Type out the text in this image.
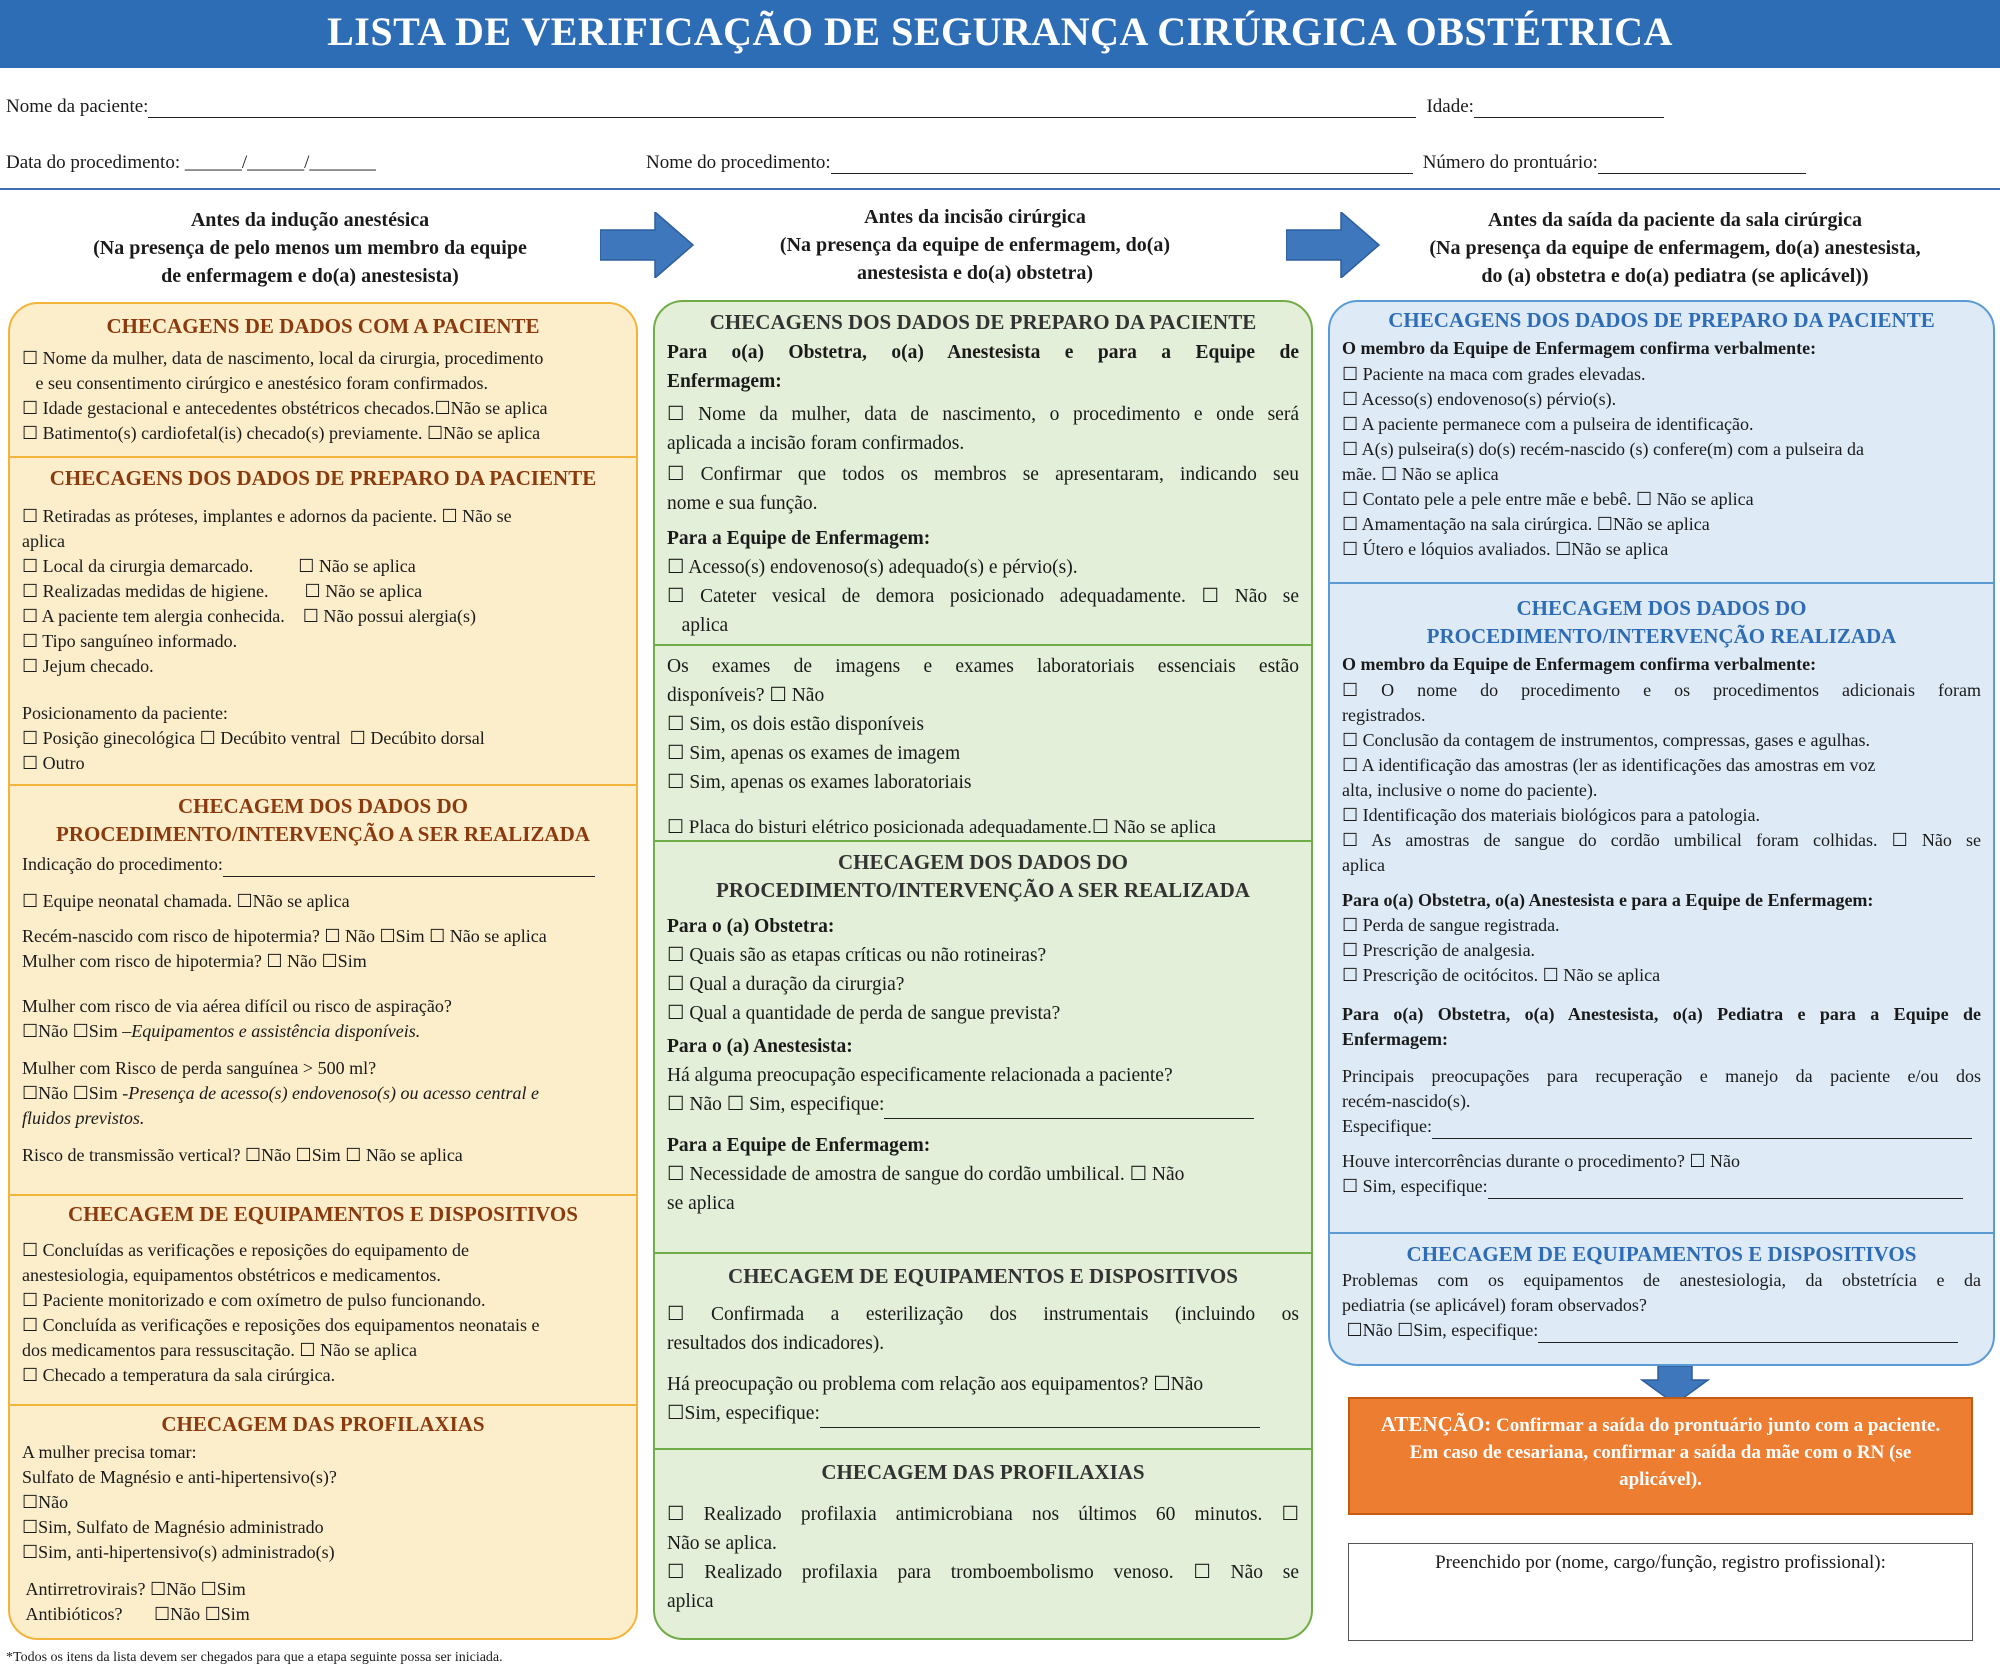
LISTA DE VERIFICAÇÃO DE SEGURANÇA CIRÚRGICA OBSTÉTRICA
Nome da paciente:	Idade:
Data do procedimento: ______/______/_______	Nome do procedimento:	Número do prontuário:
Antes da indução anestésica
(Na presença de pelo menos um membro da equipe
de enfermagem e do(a) anestesista)
Antes da incisão cirúrgica
(Na presença da equipe de enfermagem, do(a)
anestesista e do(a) obstetra)
Antes da saída da paciente da sala cirúrgica
(Na presença da equipe de enfermagem, do(a) anestesista,
do (a) obstetra e do(a) pediatra (se aplicável))
CHECAGENS DE DADOS COM A PACIENTE
☐ Nome da mulher, data de nascimento, local da cirurgia, procedimento
e seu consentimento cirúrgico e anestésico foram confirmados.
☐ Idade gestacional e antecedentes obstétricos checados.☐Não se aplica
☐ Batimento(s) cardiofetal(is) checado(s) previamente. ☐Não se aplica
CHECAGENS DOS DADOS DE PREPARO DA PACIENTE
☐ Retiradas as próteses, implantes e adornos da paciente. ☐ Não se
aplica
☐ Local da cirurgia demarcado.          ☐ Não se aplica
☐ Realizadas medidas de higiene.        ☐ Não se aplica
☐ A paciente tem alergia conhecida.    ☐ Não possui alergia(s)
☐ Tipo sanguíneo informado.
☐ Jejum checado.
Posicionamento da paciente:
☐ Posição ginecológica ☐ Decúbito ventral  ☐ Decúbito dorsal
☐ Outro
CHECAGEM DOS DADOS DO
PROCEDIMENTO/INTERVENÇÃO A SER REALIZADA
Indicação do procedimento:
☐ Equipe neonatal chamada. ☐Não se aplica
Recém-nascido com risco de hipotermia? ☐ Não ☐Sim ☐ Não se aplica
Mulher com risco de hipotermia? ☐ Não ☐Sim
Mulher com risco de via aérea difícil ou risco de aspiração?
☐Não ☐Sim –Equipamentos e assistência disponíveis.
Mulher com Risco de perda sanguínea > 500 ml?
☐Não ☐Sim -Presença de acesso(s) endovenoso(s) ou acesso central e
fluidos previstos.
Risco de transmissão vertical? ☐Não ☐Sim ☐ Não se aplica
CHECAGEM DE EQUIPAMENTOS E DISPOSITIVOS
☐ Concluídas as verificações e reposições do equipamento de
anestesiologia, equipamentos obstétricos e medicamentos.
☐ Paciente monitorizado e com oxímetro de pulso funcionando.
☐ Concluída as verificações e reposições dos equipamentos neonatais e
dos medicamentos para ressuscitação. ☐ Não se aplica
☐ Checado a temperatura da sala cirúrgica.
CHECAGEM DAS PROFILAXIAS
A mulher precisa tomar:
Sulfato de Magnésio e anti-hipertensivo(s)?
☐Não
☐Sim, Sulfato de Magnésio administrado
☐Sim, anti-hipertensivo(s) administrado(s)
Antirretrovirais? ☐Não ☐Sim
Antibióticos?       ☐Não ☐Sim
CHECAGENS DOS DADOS DE PREPARO DA PACIENTE
Para o(a) Obstetra, o(a) Anestesista e para a Equipe de
Enfermagem:
☐ Nome da mulher, data de nascimento, o procedimento e onde será
aplicada a incisão foram confirmados.
☐ Confirmar que todos os membros se apresentaram, indicando seu
nome e sua função.
Para a Equipe de Enfermagem:
☐ Acesso(s) endovenoso(s) adequado(s) e pérvio(s).
☐ Cateter vesical de demora posicionado adequadamente. ☐ Não se
aplica
Os exames de imagens e exames laboratoriais essenciais estão
disponíveis? ☐ Não
☐ Sim, os dois estão disponíveis
☐ Sim, apenas os exames de imagem
☐ Sim, apenas os exames laboratoriais
☐ Placa do bisturi elétrico posicionada adequadamente.☐ Não se aplica
CHECAGEM DOS DADOS DO
PROCEDIMENTO/INTERVENÇÃO A SER REALIZADA
Para o (a) Obstetra:
☐ Quais são as etapas críticas ou não rotineiras?
☐ Qual a duração da cirurgia?
☐ Qual a quantidade de perda de sangue prevista?
Para o (a) Anestesista:
Há alguma preocupação especificamente relacionada a paciente?
☐ Não ☐ Sim, especifique:
Para a Equipe de Enfermagem:
☐ Necessidade de amostra de sangue do cordão umbilical. ☐ Não
se aplica
CHECAGEM DE EQUIPAMENTOS E DISPOSITIVOS
☐ Confirmada a esterilização dos instrumentais (incluindo os
resultados dos indicadores).
Há preocupação ou problema com relação aos equipamentos? ☐Não
☐Sim, especifique:
CHECAGEM DAS PROFILAXIAS
☐ Realizado profilaxia antimicrobiana nos últimos 60 minutos. ☐
Não se aplica.
☐ Realizado profilaxia para tromboembolismo venoso. ☐ Não se
aplica
CHECAGENS DOS DADOS DE PREPARO DA PACIENTE
O membro da Equipe de Enfermagem confirma verbalmente:
☐ Paciente na maca com grades elevadas.
☐ Acesso(s) endovenoso(s) pérvio(s).
☐ A paciente permanece com a pulseira de identificação.
☐ A(s) pulseira(s) do(s) recém-nascido (s) confere(m) com a pulseira da
mãe. ☐ Não se aplica
☐ Contato pele a pele entre mãe e bebê. ☐ Não se aplica
☐ Amamentação na sala cirúrgica. ☐Não se aplica
☐ Útero e lóquios avaliados. ☐Não se aplica
CHECAGEM DOS DADOS DO
PROCEDIMENTO/INTERVENÇÃO REALIZADA
O membro da Equipe de Enfermagem confirma verbalmente:
☐ O nome do procedimento e os procedimentos adicionais foram
registrados.
☐ Conclusão da contagem de instrumentos, compressas, gases e agulhas.
☐ A identificação das amostras (ler as identificações das amostras em voz
alta, inclusive o nome do paciente).
☐ Identificação dos materiais biológicos para a patologia.
☐ As amostras de sangue do cordão umbilical foram colhidas. ☐ Não se
aplica
Para o(a) Obstetra, o(a) Anestesista e para a Equipe de Enfermagem:
☐ Perda de sangue registrada.
☐ Prescrição de analgesia.
☐ Prescrição de ocitócitos. ☐ Não se aplica
Para o(a) Obstetra, o(a) Anestesista, o(a) Pediatra e para a Equipe de
Enfermagem:
Principais preocupações para recuperação e manejo da paciente e/ou dos
recém-nascido(s).
Especifique:
Houve intercorrências durante o procedimento? ☐ Não
☐ Sim, especifique:
CHECAGEM DE EQUIPAMENTOS E DISPOSITIVOS
Problemas com os equipamentos de anestesiologia, da obstetrícia e da
pediatria (se aplicável) foram observados?
☐Não ☐Sim, especifique:
ATENÇÃO: Confirmar a saída do prontuário junto com a paciente.
Em caso de cesariana, confirmar a saída da mãe com o RN (se
aplicável).
Preenchido por (nome, cargo/função, registro profissional):
*Todos os itens da lista devem ser chegados para que a etapa seguinte possa ser iniciada.
